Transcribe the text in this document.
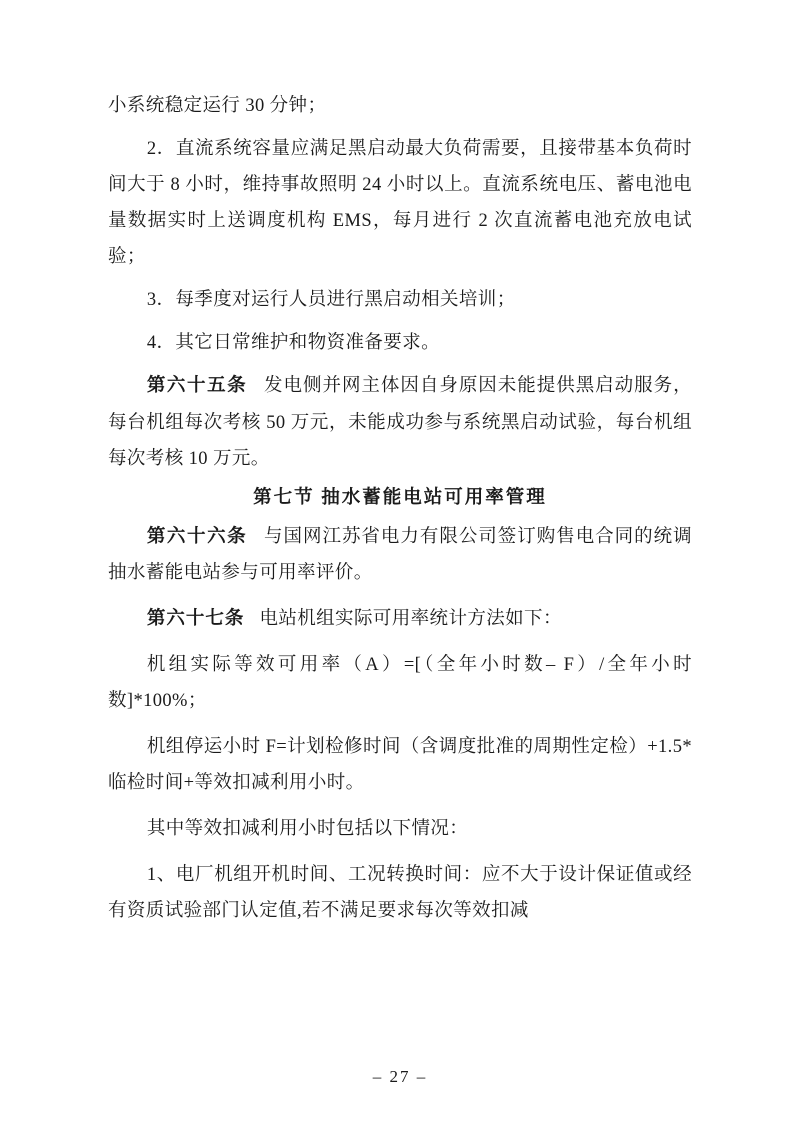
小系统稳定运行 30 分钟；

2．直流系统容量应满足黑启动最大负荷需要，且接带基本负荷时间大于 8 小时，维持事故照明 24 小时以上。直流系统电压、蓄电池电量数据实时上送调度机构 EMS，每月进行 2 次直流蓄电池充放电试验；

3．每季度对运行人员进行黑启动相关培训；

4．其它日常维护和物资准备要求。

第六十五条 发电侧并网主体因自身原因未能提供黑启动服务，每台机组每次考核 50 万元，未能成功参与系统黑启动试验，每台机组每次考核 10 万元。

第七节 抽水蓄能电站可用率管理

第六十六条 与国网江苏省电力有限公司签订购售电合同的统调抽水蓄能电站参与可用率评价。

第六十七条 电站机组实际可用率统计方法如下：

机组实际等效可用率（A）=[（全年小时数– F）/全年小时数]*100%；

机组停运小时 F=计划检修时间（含调度批准的周期性定检）+1.5*临检时间+等效扣减利用小时。

其中等效扣减利用小时包括以下情况：

1、电厂机组开机时间、工况转换时间：应不大于设计保证值或经有资质试验部门认定值,若不满足要求每次等效扣减

– 27 –
